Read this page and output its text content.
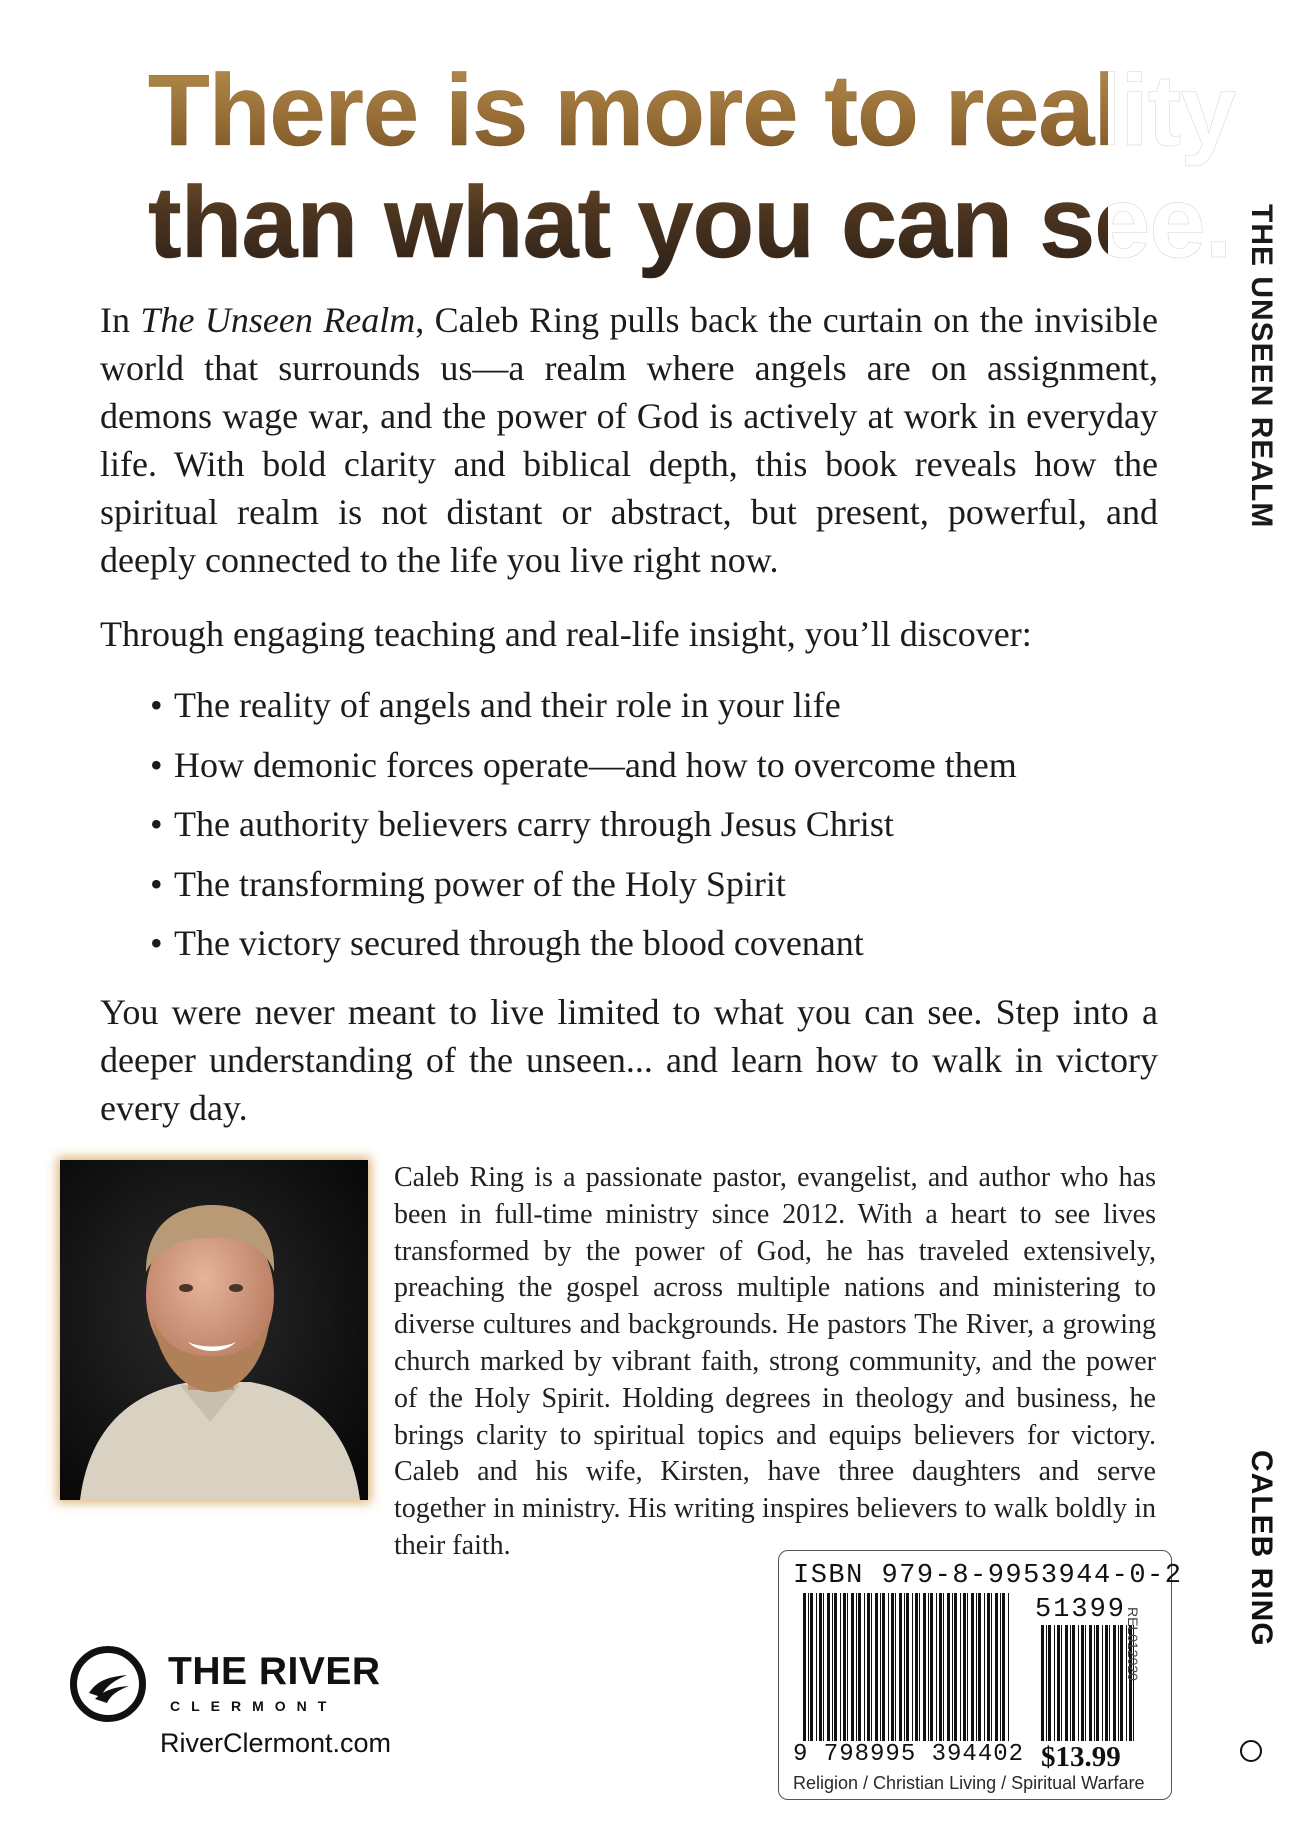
There is more to reality
than what you can see.

In The Unseen Realm, Caleb Ring pulls back the curtain on the invisible world that surrounds us—a realm where angels are on assignment, demons wage war, and the power of God is actively at work in everyday life. With bold clarity and biblical depth, this book reveals how the spiritual realm is not distant or abstract, but present, powerful, and deeply connected to the life you live right now.

Through engaging teaching and real-life insight, you’ll discover:

• The reality of angels and their role in your life
• How demonic forces operate—and how to overcome them
• The authority believers carry through Jesus Christ
• The transforming power of the Holy Spirit
• The victory secured through the blood covenant

You were never meant to live limited to what you can see. Step into a deeper understanding of the unseen... and learn how to walk in victory every day.

Caleb Ring is a passionate pastor, evangelist, and author who has been in full-time ministry since 2012. With a heart to see lives transformed by the power of God, he has traveled extensively, preaching the gospel across multiple nations and ministering to diverse cultures and backgrounds. He pastors The River, a growing church marked by vibrant faith, strong community, and the power of the Holy Spirit. Holding degrees in theology and business, he brings clarity to spiritual topics and equips believers for victory. Caleb and his wife, Kirsten, have three daughters and serve together in ministry. His writing inspires believers to walk boldly in their faith.

THE RIVER
CLERMONT
RiverClermont.com
ISBN 979-8-9953944-0-2
51399
9 798995 394402 $13.99
Religion / Christian Living / Spiritual Warfare
REL012020
THE UNSEEN REALM
CALEB RING
